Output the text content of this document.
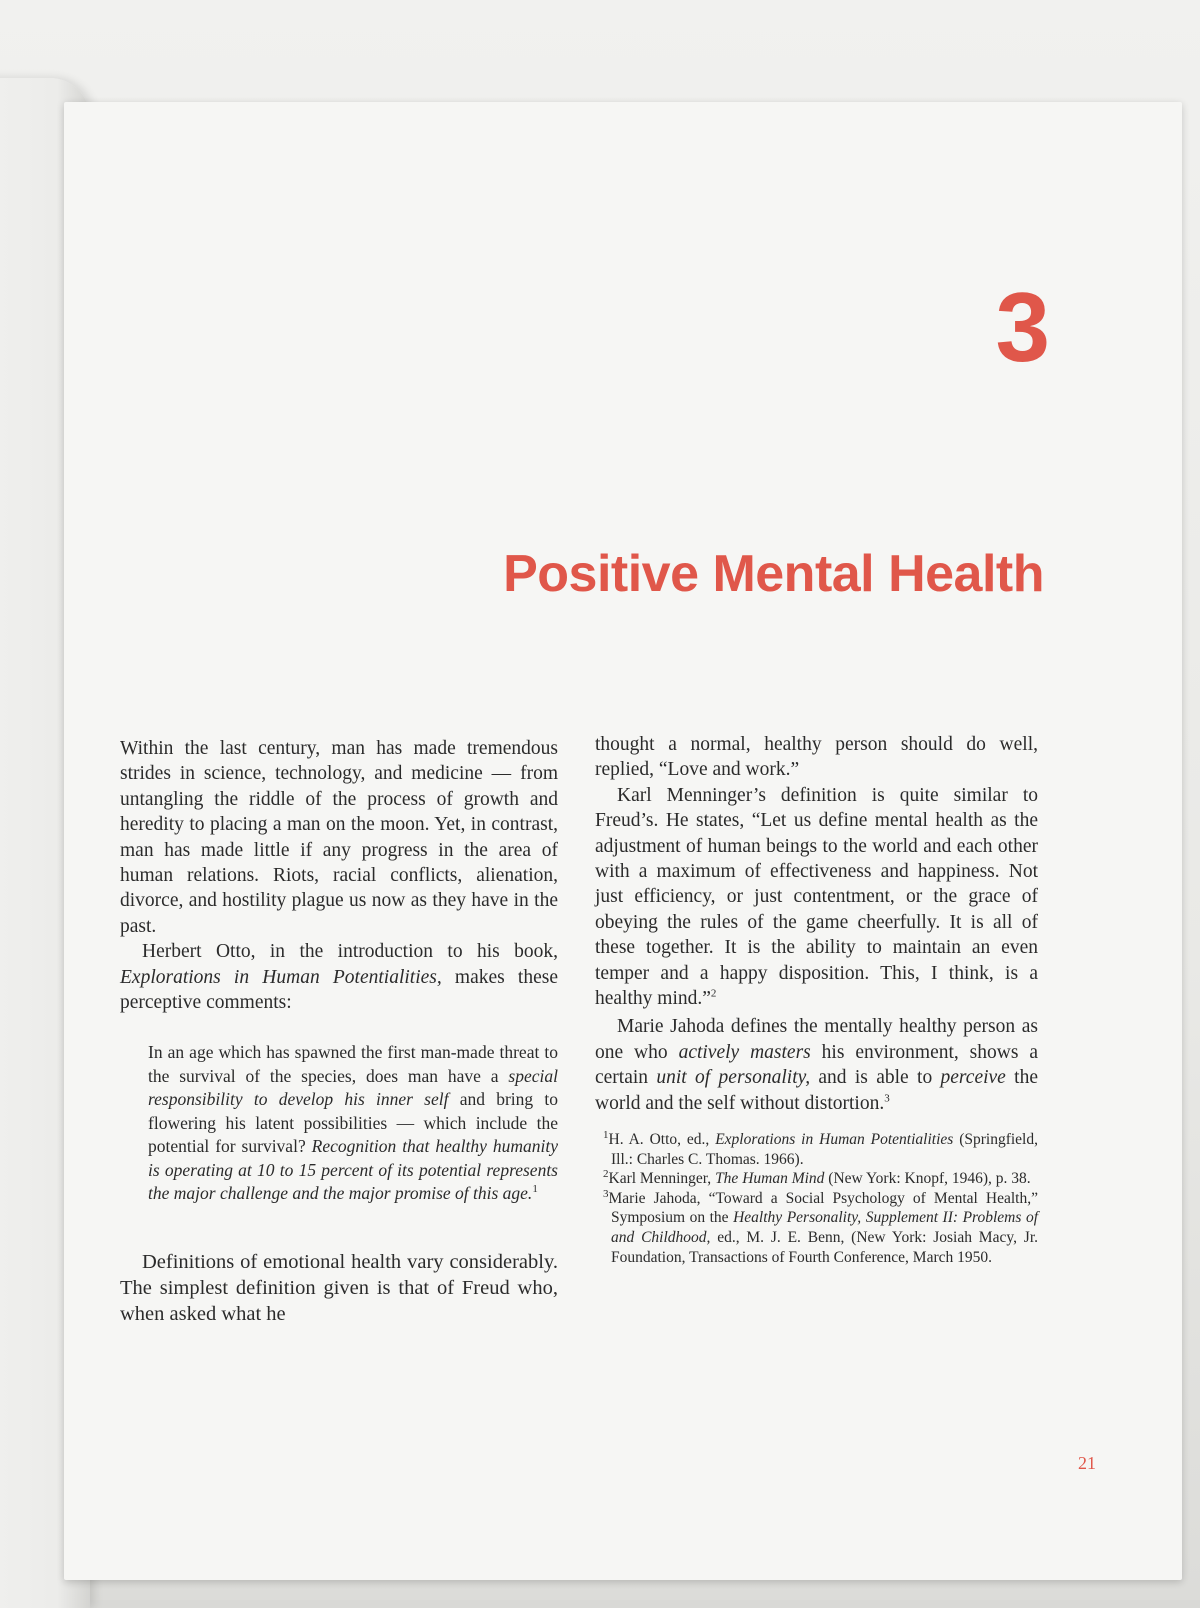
3
Positive Mental Health

Within the last century, man has made tremendous strides in science, technology, and medicine — from untangling the riddle of the process of growth and heredity to placing a man on the moon. Yet, in contrast, man has made little if any progress in the area of human relations. Riots, racial conflicts, alienation, divorce, and hostility plague us now as they have in the past.

Herbert Otto, in the introduction to his book, Explorations in Human Potentialities, makes these perceptive comments:

In an age which has spawned the first man-made threat to the survival of the species, does man have a special responsibility to develop his inner self and bring to flowering his latent possibilities — which include the potential for survival? Recognition that healthy humanity is operating at 10 to 15 percent of its potential represents the major challenge and the major promise of this age.$^1$

Definitions of emotional health vary considerably. The simplest definition given is that of Freud who, when asked what he

thought a normal, healthy person should do well, replied, “Love and work.”

Karl Menninger’s definition is quite similar to Freud’s. He states, “Let us define mental health as the adjustment of human beings to the world and each other with a maximum of effectiveness and happiness. Not just efficiency, or just contentment, or the grace of obeying the rules of the game cheerfully. It is all of these together. It is the ability to maintain an even temper and a happy disposition. This, I think, is a healthy mind.”$^2$

Marie Jahoda defines the mentally healthy person as one who actively masters his environment, shows a certain unit of personality, and is able to perceive the world and the self without distortion.$^3$

$^1$H. A. Otto, ed., Explorations in Human Potentialities (Springfield, Ill.: Charles C. Thomas. 1966).

$^2$Karl Menninger, The Human Mind (New York: Knopf, 1946), p. 38.

$^3$Marie Jahoda, “Toward a Social Psychology of Mental Health,” Symposium on the Healthy Personality, Supplement II: Problems of and Childhood, ed., M. J. E. Benn, (New York: Josiah Macy, Jr. Foundation, Transactions of Fourth Conference, March 1950.

21
